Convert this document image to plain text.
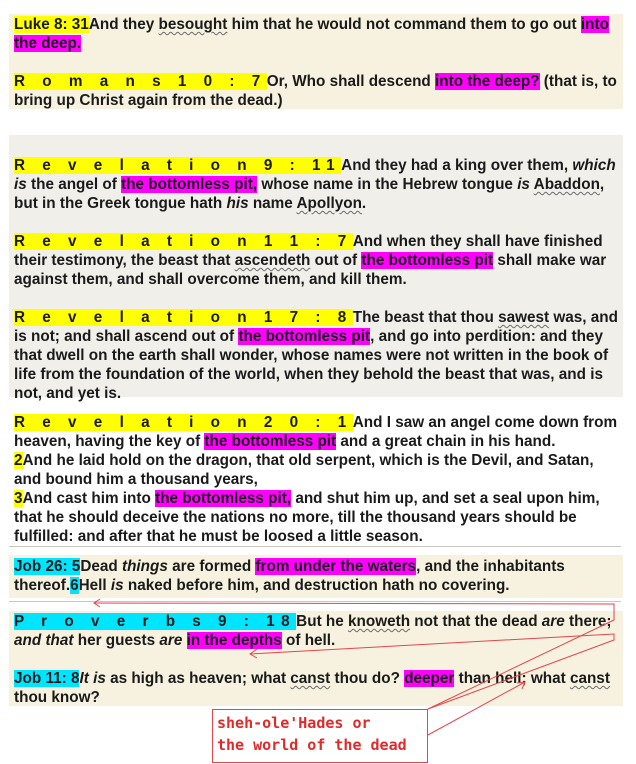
Luke 8: 31And they besought him that he would not command them to go out into the deep.

R o m a n s 1 0 : 7Or, Who shall descend into the deep? (that is, to bring up Christ again from the dead.)

R e v e l a t i o n 9 : 11And they had a king over them, which is the angel of the bottomless pit, whose name in the Hebrew tongue is Abaddon, but in the Greek tongue hath his name Apollyon.

R e v e l a t i o n 1 1 : 7And when they shall have finished their testimony, the beast that ascendeth out of the bottomless pit shall make war against them, and shall overcome them, and kill them.

R e v e l a t i o n 1 7 : 8The beast that thou sawest was, and is not; and shall ascend out of the bottomless pit, and go into perdition: and they that dwell on the earth shall wonder, whose names were not written in the book of life from the foundation of the world, when they behold the beast that was, and is not, and yet is.

R e v e l a t i o n 2 0 : 1And I saw an angel come down from heaven, having the key of the bottomless pit and a great chain in his hand.

2And he laid hold on the dragon, that old serpent, which is the Devil, and Satan, and bound him a thousand years,

3And cast him into the bottomless pit, and shut him up, and set a seal upon him, that he should deceive the nations no more, till the thousand years should be fulfilled: and after that he must be loosed a little season.

Job 26: 5Dead things are formed from under the waters, and the inhabitants thereof.6Hell is naked before him, and destruction hath no covering.

P r o v e r b s 9 : 18But he knoweth not that the dead are there; and that her guests are in the depths of hell.

Job 11: 8It is as high as heaven; what canst thou do? deeper than hell; what canst thou know?

sheh-ole'Hades or
the world of the dead
